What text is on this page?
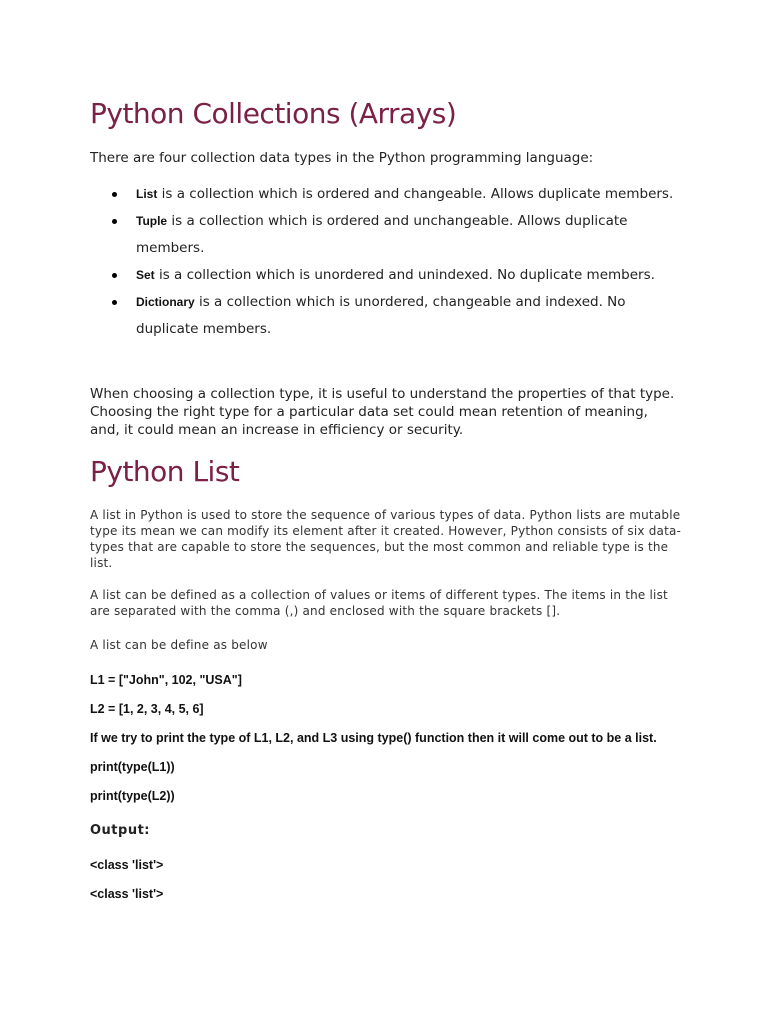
Python Collections (Arrays)

There are four collection data types in the Python programming language:

List is a collection which is ordered and changeable. Allows duplicate members.
Tuple is a collection which is ordered and unchangeable. Allows duplicate members.
Set is a collection which is unordered and unindexed. No duplicate members.
Dictionary is a collection which is unordered, changeable and indexed. No duplicate members.

When choosing a collection type, it is useful to understand the properties of that type. Choosing the right type for a particular data set could mean retention of meaning, and, it could mean an increase in efficiency or security.

Python List

A list in Python is used to store the sequence of various types of data. Python lists are mutable type its mean we can modify its element after it created. However, Python consists of six data-types that are capable to store the sequences, but the most common and reliable type is the list.

A list can be defined as a collection of values or items of different types. The items in the list are separated with the comma (,) and enclosed with the square brackets [].

A list can be define as below

L1 = ["John", 102, "USA"]

L2 = [1, 2, 3, 4, 5, 6]

If we try to print the type of L1, L2, and L3 using type() function then it will come out to be a list.

print(type(L1))

print(type(L2))

Output:

<class 'list'>

<class 'list'>
